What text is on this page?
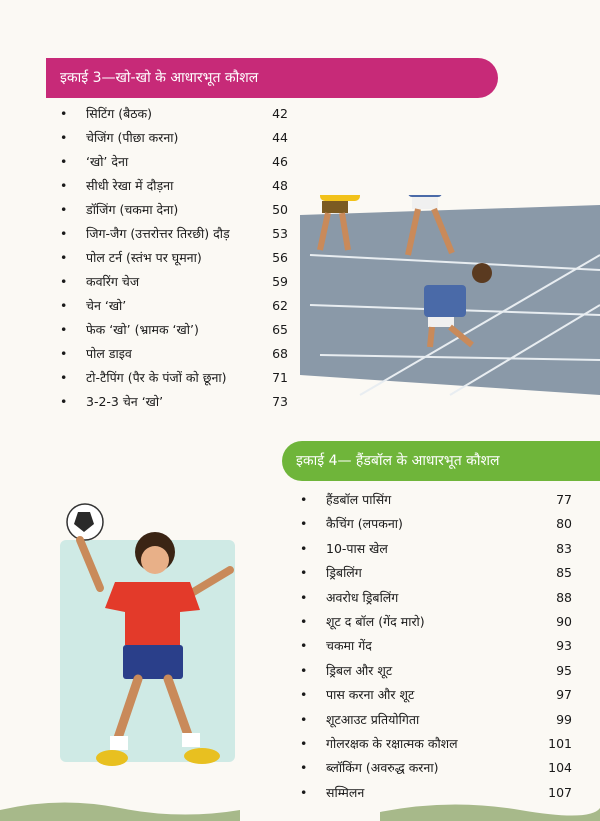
इकाई 3—खो-खो के आधारभूत कौशल
• सिटिंग (बैठक)	42
• चेजिंग (पीछा करना)	44
• ‘खो’ देना	46
• सीधी रेखा में दौड़ना	48
• डॉजिंग (चकमा देना)	50
• जिग-जैग (उत्तरोत्तर तिरछी) दौड़	53
• पोल टर्न (स्तंभ पर घूमना)	56
• कवरिंग चेज	59
• चेन ‘खो’	62
• फेक ‘खो’ (भ्रामक ‘खो’)	65
• पोल डाइव	68
• टो-टैपिंग (पैर के पंजों को छूना)	71
• 3-2-3 चेन ‘खो’	73
इकाई 4— हैंडबॉल के आधारभूत कौशल
• हैंडबॉल पासिंग	77
• कैचिंग (लपकना)	80
• 10-पास खेल	83
• ड्रिबलिंग	85
• अवरोध ड्रिबलिंग	88
• शूट द बॉल (गेंद मारो)	90
• चकमा गेंद	93
• ड्रिबल और शूट	95
• पास करना और शूट	97
• शूटआउट प्रतियोगिता	99
• गोलरक्षक के रक्षात्मक कौशल	101
• ब्लॉकिंग (अवरुद्ध करना)	104
• सम्मिलन	107
